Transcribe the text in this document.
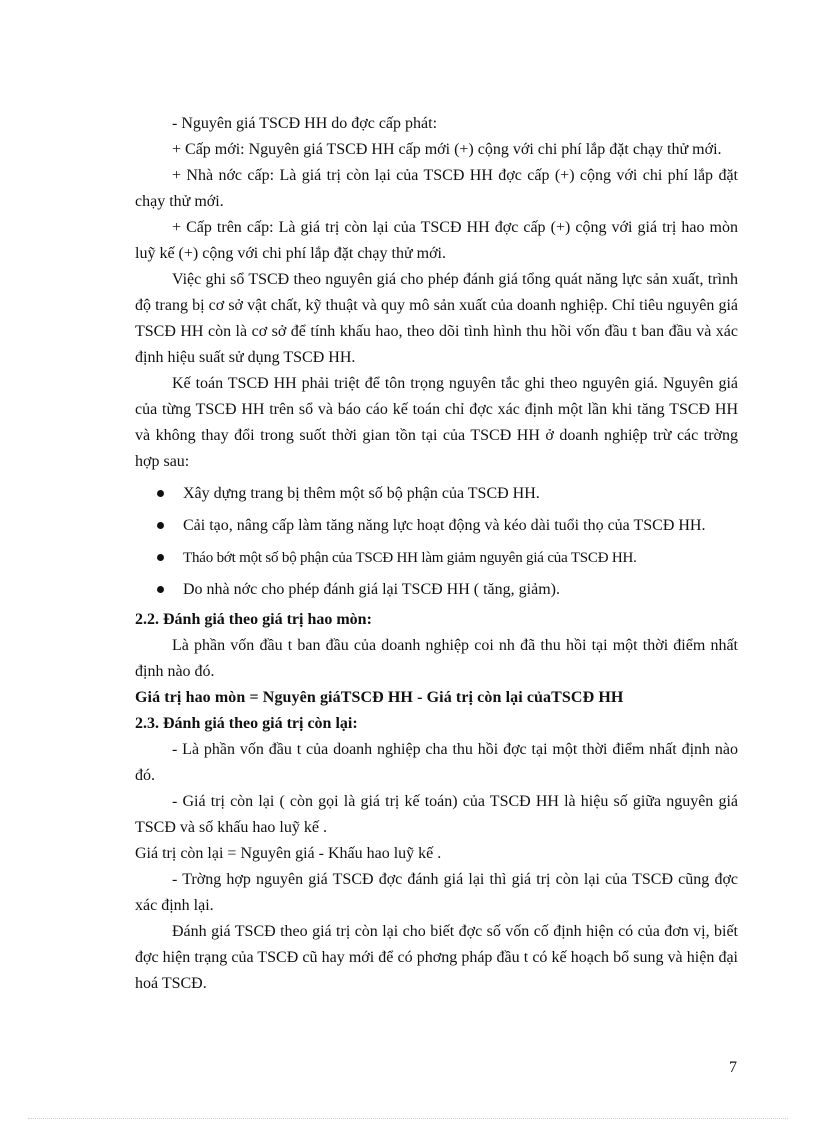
- Nguyên giá TSCĐ HH do đợc cấp phát:

+ Cấp mới: Nguyên giá TSCĐ HH cấp mới (+) cộng với chi phí lắp đặt chạy thử mới.

+ Nhà nớc cấp: Là giá trị còn lại của TSCĐ HH đợc cấp (+) cộng với chi phí lắp đặt chạy thử mới.

+ Cấp trên cấp: Là giá trị còn lại của TSCĐ HH đợc cấp (+) cộng với giá trị hao mòn luỹ kế (+) cộng với chi phí lắp đặt chạy thử mới.

Việc ghi sổ TSCĐ theo nguyên giá cho phép đánh giá tổng quát năng lực sản xuất, trình độ trang bị cơ sở vật chất, kỹ thuật và quy mô sản xuất của doanh nghiệp. Chỉ tiêu nguyên giá TSCĐ HH còn là cơ sở để tính khấu hao, theo dõi tình hình thu hồi vốn đầu t ban đầu và xác định hiệu suất sử dụng TSCĐ HH.

Kế toán TSCĐ HH phải triệt để tôn trọng nguyên tắc ghi theo nguyên giá. Nguyên giá của từng TSCĐ HH trên sổ và báo cáo kế toán chỉ đợc xác định một lần khi tăng TSCĐ HH và không thay đổi trong suốt thời gian tồn tại của TSCĐ HH ở doanh nghiệp trừ các trờng hợp sau:

Xây dựng trang bị thêm một số bộ phận của TSCĐ HH.
Cải tạo, nâng cấp làm tăng năng lực hoạt động và kéo dài tuổi thọ của TSCĐ HH.
Tháo bớt một số bộ phận của TSCĐ HH làm giảm nguyên giá của TSCĐ HH.
Do nhà nớc cho phép đánh giá lại TSCĐ HH ( tăng, giảm).

2.2. Đánh giá theo giá trị hao mòn:

Là phần vốn đầu t ban đầu của doanh nghiệp coi nh đã thu hồi tại một thời điểm nhất định nào đó.

Giá trị hao mòn = Nguyên giáTSCĐ HH - Giá trị còn lại củaTSCĐ HH

2.3. Đánh giá theo giá trị còn lại:

- Là phần vốn đầu t của doanh nghiệp cha thu hồi đợc tại một thời điểm nhất định nào đó.

- Giá trị còn lại ( còn gọi là giá trị kế toán) của TSCĐ HH là hiệu số giữa nguyên giá TSCĐ và số khấu hao luỹ kế .

Giá trị còn lại = Nguyên giá - Khấu hao luỹ kế .

- Trờng hợp nguyên giá TSCĐ đợc đánh giá lại thì giá trị còn lại của TSCĐ cũng đợc xác định lại.

Đánh giá TSCĐ theo giá trị còn lại cho biết đợc số vốn cố định hiện có của đơn vị, biết đợc hiện trạng của TSCĐ cũ hay mới để có phơng pháp đầu t có kế hoạch bổ sung và hiện đại hoá TSCĐ.

7
